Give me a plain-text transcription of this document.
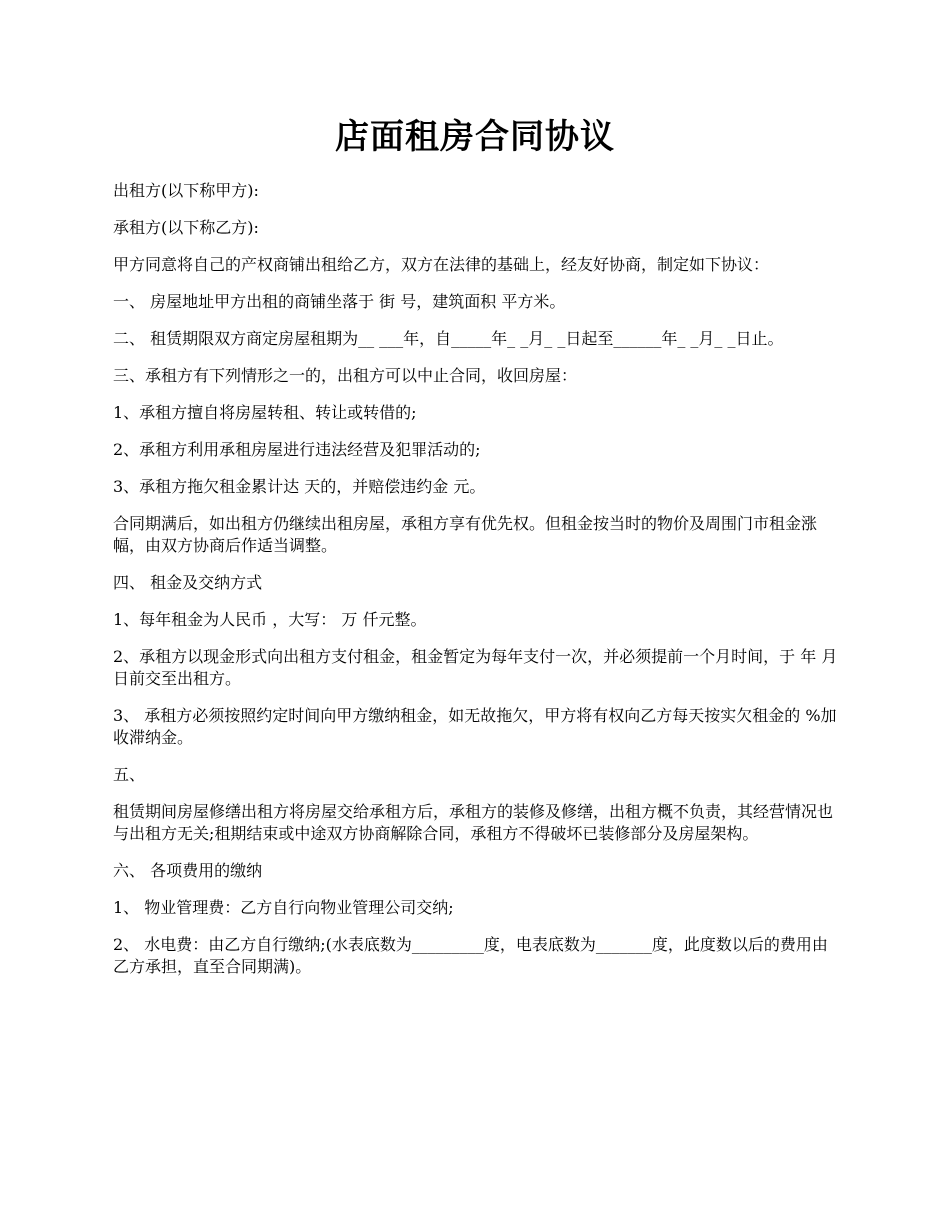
店面租房合同协议

出租方(以下称甲方):

承租方(以下称乙方):

甲方同意将自己的产权商铺出租给乙方，双方在法律的基础上，经友好协商，制定如下协议：

一、 房屋地址甲方出租的商铺坐落于 街 号，建筑面积 平方米。

二、 租赁期限双方商定房屋租期为__ ___年，自_____年_ _月_ _日起至______年_ _月_ _日止。

三、承租方有下列情形之一的，出租方可以中止合同，收回房屋：

1、承租方擅自将房屋转租、转让或转借的;

2、承租方利用承租房屋进行违法经营及犯罪活动的;

3、承租方拖欠租金累计达 天的，并赔偿违约金 元。

合同期满后，如出租方仍继续出租房屋，承租方享有优先权。但租金按当时的物价及周围门市租金涨幅，由双方协商后作适当调整。

四、 租金及交纳方式

1、每年租金为人民币 ，大写： 万 仟元整。

2、承租方以现金形式向出租方支付租金，租金暂定为每年支付一次，并必须提前一个月时间，于 年 月 日前交至出租方。

3、 承租方必须按照约定时间向甲方缴纳租金，如无故拖欠，甲方将有权向乙方每天按实欠租金的 %加收滞纳金。

五、

租赁期间房屋修缮出租方将房屋交给承租方后，承租方的装修及修缮，出租方概不负责，其经营情况也与出租方无关;租期结束或中途双方协商解除合同，承租方不得破坏已装修部分及房屋架构。

六、 各项费用的缴纳

1、 物业管理费：乙方自行向物业管理公司交纳;

2、 水电费：由乙方自行缴纳;(水表底数为_________度，电表底数为_______度，此度数以后的费用由乙方承担，直至合同期满)。
